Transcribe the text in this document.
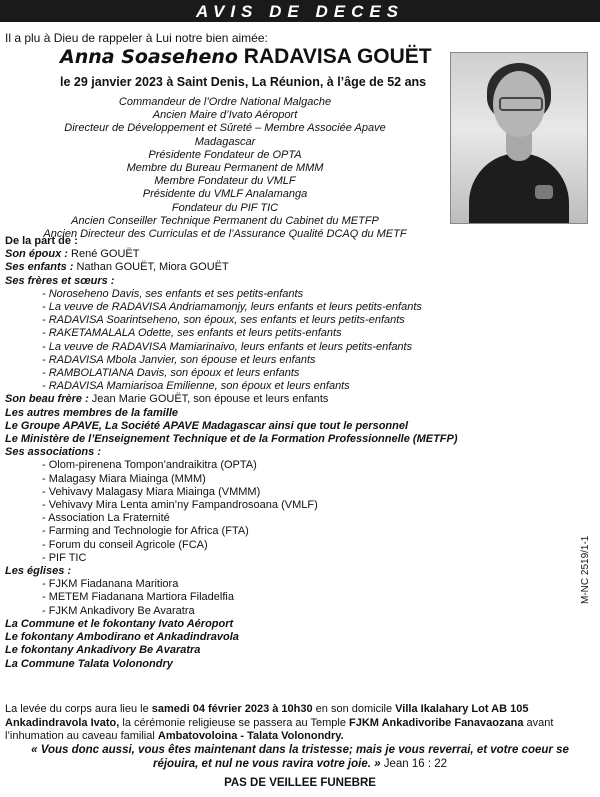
AVIS DE DECES
Il a plu à Dieu de rappeler à Lui notre bien aimée:
Anna Soaseheno RADAVISA GOUËT
le 29 janvier 2023 à Saint Denis, La Réunion, à l’âge de 52 ans
Commandeur de l’Ordre National Malgache
Ancien Maire d’Ivato Aéroport
Directeur de Développement et Sûreté – Membre Associée Apave Madagascar
Présidente Fondateur de OPTA
Membre du Bureau Permanent de MMM
Membre Fondateur du VMLF
Présidente du VMLF Analamanga
Fondateur du PIF TIC
Ancien Conseiller Technique Permanent du Cabinet du METFP
Ancien Directeur des Curriculas et de l’Assurance Qualité DCAQ du METF
De la part de :
Son époux : René GOUËT
Ses enfants : Nathan GOUËT, Miora GOUËT
Ses frères et sœurs :
- Noroseheno Davis, ses enfants et ses petits-enfants
- La veuve de RADAVISA Andriamamonjy, leurs enfants et leurs petits-enfants
- RADAVISA Soarintseheno, son époux, ses enfants et leurs petits-enfants
- RAKETAMALALA Odette, ses enfants et leurs petits-enfants
- La veuve de RADAVISA Mamiarinaivo, leurs enfants et leurs petits-enfants
- RADAVISA Mbola Janvier, son épouse et leurs enfants
- RAMBOLATIANA Davis, son époux et leurs enfants
- RADAVISA Mamiarisoa Emilienne, son époux et leurs enfants
Son beau frère : Jean Marie GOUËT, son épouse et leurs enfants
Les autres membres de la famille
Le Groupe APAVE, La Société APAVE Madagascar ainsi que tout le personnel
Le Ministère de l’Enseignement Technique et de la Formation Professionnelle (METFP)
Ses associations :
- Olom-pirenena Tompon’andraikitra (OPTA)
- Malagasy Miara Miainga (MMM)
- Vehivavy Malagasy Miara Miainga (VMMM)
- Vehivavy Mira Lenta amin’ny Fampandrosoana (VMLF)
- Association La Fraternité
- Farming and Technologie for Africa (FTA)
- Forum du conseil Agricole (FCA)
- PIF TIC
Les églises :
- FJKM Fiadanana Maritiora
- METEM Fiadanana Martiora Filadelfia
- FJKM Ankadivory Be Avaratra
La Commune et le fokontany Ivato Aéroport
Le fokontany Ambodirano et Ankadindravola
Le fokontany Ankadivory Be Avaratra
La Commune Talata Volonondry
La levée du corps aura lieu le samedi 04 février 2023 à 10h30 en son domicile Villa Ikalahary Lot AB 105 Ankadindravola Ivato, la cérémonie religieuse se passera au Temple FJKM Ankadivoribe Fanavaozana avant l’inhumation au caveau familial Ambatovoloina - Talata Volonondry.
« Vous donc aussi, vous êtes maintenant dans la tristesse; mais je vous reverrai, et votre coeur se réjouira, et nul ne vous ravira votre joie. » Jean 16 : 22
PAS DE VEILLEE FUNEBRE
M-NC 2519/1-1
